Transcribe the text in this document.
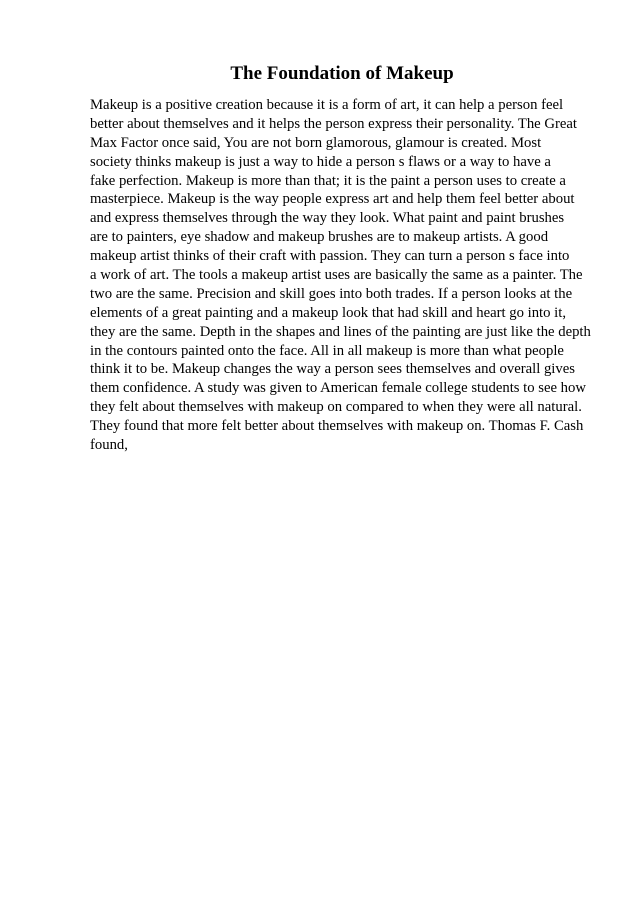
The Foundation of Makeup
Makeup is a positive creation because it is a form of art, it can help a person feel
better about themselves and it helps the person express their personality. The Great
Max Factor once said, You are not born glamorous, glamour is created. Most
society thinks makeup is just a way to hide a person s flaws or a way to have a
fake perfection. Makeup is more than that; it is the paint a person uses to create a
masterpiece. Makeup is the way people express art and help them feel better about
and express themselves through the way they look. What paint and paint brushes
are to painters, eye shadow and makeup brushes are to makeup artists. A good
makeup artist thinks of their craft with passion. They can turn a person s face into
a work of art. The tools a makeup artist uses are basically the same as a painter. The
two are the same. Precision and skill goes into both trades. If a person looks at the
elements of a great painting and a makeup look that had skill and heart go into it,
they are the same. Depth in the shapes and lines of the painting are just like the depth
in the contours painted onto the face. All in all makeup is more than what people
think it to be. Makeup changes the way a person sees themselves and overall gives
them confidence. A study was given to American female college students to see how
they felt about themselves with makeup on compared to when they were all natural.
They found that more felt better about themselves with makeup on. Thomas F. Cash
found,
